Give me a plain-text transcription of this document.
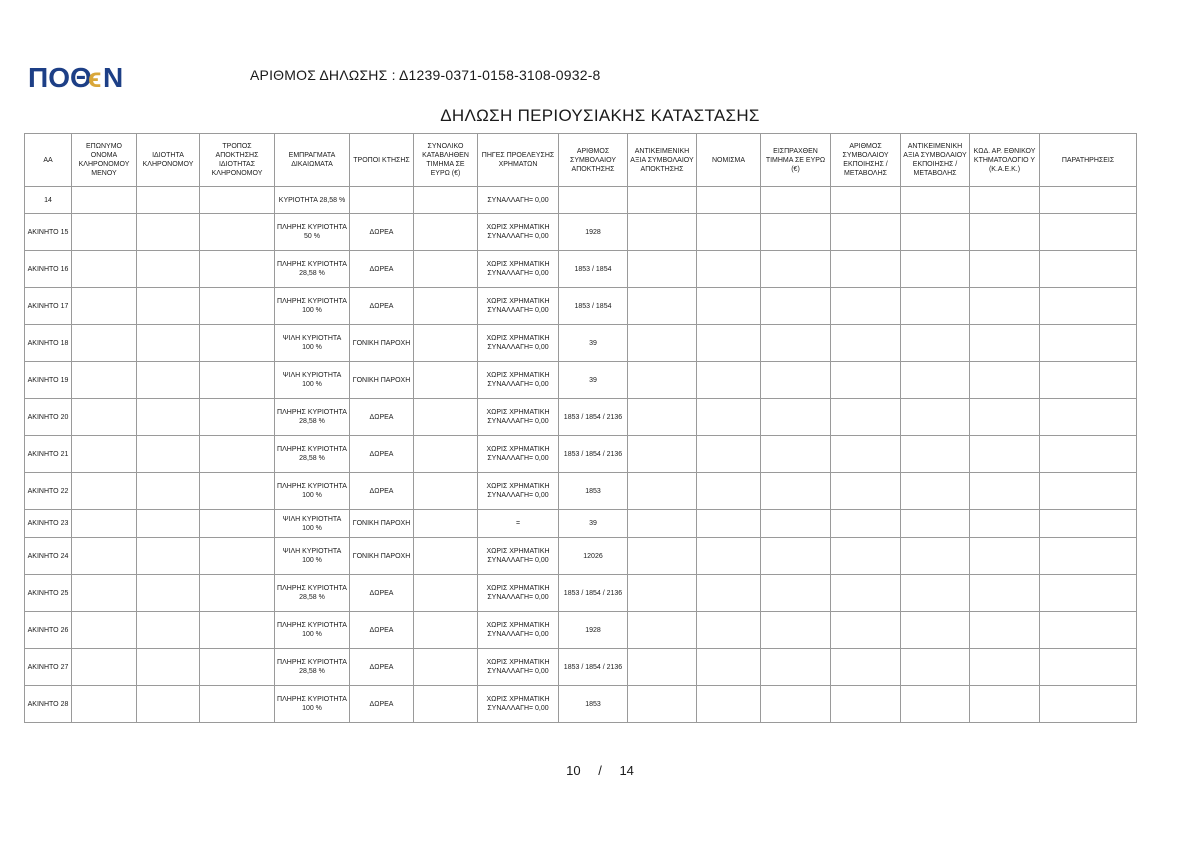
ΠΟΘ
ϵ N	ΑΡΙΘΜΟΣ ΔΗΛΩΣΗΣ : Δ1239-0371-0158-3108-0932-8
ΔΗΛΩΣΗ ΠΕΡΙΟΥΣΙΑΚΗΣ ΚΑΤΑΣΤΑΣΗΣ
ΑΑ	ΕΠΩΝΥΜΟ ΟΝΟΜΑ ΚΛΗΡΟΝΟΜΟΥ ΜΕΝΟΥ	ΙΔΙΟΤΗΤΑ ΚΛΗΡΟΝΟΜΟΥ	ΤΡΟΠΟΣ ΑΠΟΚΤΗΣΗΣ ΙΔΙΟΤΗΤΑΣ ΚΛΗΡΟΝΟΜΟΥ	ΕΜΠΡΑΓΜΑΤΑ ΔΙΚΑΙΩΜΑΤΑ	ΤΡΟΠΟΙ ΚΤΗΣΗΣ	ΣΥΝΟΛΙΚΟ ΚΑΤΑΒΛΗΘΕΝ ΤΙΜΗΜΑ ΣΕ ΕΥΡΩ (€)	ΠΗΓΕΣ ΠΡΟΕΛΕΥΣΗΣ ΧΡΗΜΑΤΩΝ	ΑΡΙΘΜΟΣ ΣΥΜΒΟΛΑΙΟΥ ΑΠΟΚΤΗΣΗΣ	ΑΝΤΙΚΕΙΜΕΝΙΚΗ ΑΞΙΑ ΣΥΜΒΟΛΑΙΟΥ ΑΠΟΚΤΗΣΗΣ	ΝΟΜΙΣΜΑ	ΕΙΣΠΡΑΧΘΕΝ ΤΙΜΗΜΑ ΣΕ ΕΥΡΩ (€)	ΑΡΙΘΜΟΣ ΣΥΜΒΟΛΑΙΟΥ ΕΚΠΟΙΗΣΗΣ /ΜΕΤΑΒΟΛΗΣ	ΑΝΤΙΚΕΙΜΕΝΙΚΗ ΑΞΙΑ ΣΥΜΒΟΛΑΙΟΥ ΕΚΠΟΙΗΣΗΣ / ΜΕΤΑΒΟΛΗΣ	ΚΩΔ. ΑΡ. ΕΘΝΙΚΟΥ ΚΤΗΜΑΤΟΛΟΓΙΟ Υ (Κ.Α.Ε.Κ.)	ΠΑΡΑΤΗΡΗΣΕΙΣ
14				ΚΥΡΙΟΤΗΤΑ 28,58 %			ΣΥΝΑΛΛΑΓΗ= 0,00								
ΑΚΙΝΗΤΟ 15				ΠΛΗΡΗΣ ΚΥΡΙΟΤΗΤΑ 50 %	ΔΩΡΕΑ		ΧΩΡΙΣ ΧΡΗΜΑΤΙΚΗ ΣΥΝΑΛΛΑΓΗ= 0,00	1928							
ΑΚΙΝΗΤΟ 16				ΠΛΗΡΗΣ ΚΥΡΙΟΤΗΤΑ 28,58 %	ΔΩΡΕΑ		ΧΩΡΙΣ ΧΡΗΜΑΤΙΚΗ ΣΥΝΑΛΛΑΓΗ= 0,00	1853 / 1854							
ΑΚΙΝΗΤΟ 17				ΠΛΗΡΗΣ ΚΥΡΙΟΤΗΤΑ 100 %	ΔΩΡΕΑ		ΧΩΡΙΣ ΧΡΗΜΑΤΙΚΗ ΣΥΝΑΛΛΑΓΗ= 0,00	1853 / 1854							
ΑΚΙΝΗΤΟ 18				ΨΙΛΗ ΚΥΡΙΟΤΗΤΑ 100 %	ΓΟΝΙΚΗ ΠΑΡΟΧΗ		ΧΩΡΙΣ ΧΡΗΜΑΤΙΚΗ ΣΥΝΑΛΛΑΓΗ= 0,00	39							
ΑΚΙΝΗΤΟ 19				ΨΙΛΗ ΚΥΡΙΟΤΗΤΑ 100 %	ΓΟΝΙΚΗ ΠΑΡΟΧΗ		ΧΩΡΙΣ ΧΡΗΜΑΤΙΚΗ ΣΥΝΑΛΛΑΓΗ= 0,00	39							
ΑΚΙΝΗΤΟ 20				ΠΛΗΡΗΣ ΚΥΡΙΟΤΗΤΑ 28,58 %	ΔΩΡΕΑ		ΧΩΡΙΣ ΧΡΗΜΑΤΙΚΗ ΣΥΝΑΛΛΑΓΗ= 0,00	1853 / 1854 / 2136							
ΑΚΙΝΗΤΟ 21				ΠΛΗΡΗΣ ΚΥΡΙΟΤΗΤΑ 28,58 %	ΔΩΡΕΑ		ΧΩΡΙΣ ΧΡΗΜΑΤΙΚΗ ΣΥΝΑΛΛΑΓΗ= 0,00	1853 / 1854 / 2136							
ΑΚΙΝΗΤΟ 22				ΠΛΗΡΗΣ ΚΥΡΙΟΤΗΤΑ 100 %	ΔΩΡΕΑ		ΧΩΡΙΣ ΧΡΗΜΑΤΙΚΗ ΣΥΝΑΛΛΑΓΗ= 0,00	1853							
ΑΚΙΝΗΤΟ 23				ΨΙΛΗ ΚΥΡΙΟΤΗΤΑ 100 %	ΓΟΝΙΚΗ ΠΑΡΟΧΗ		=	39							
ΑΚΙΝΗΤΟ 24				ΨΙΛΗ ΚΥΡΙΟΤΗΤΑ 100 %	ΓΟΝΙΚΗ ΠΑΡΟΧΗ		ΧΩΡΙΣ ΧΡΗΜΑΤΙΚΗ ΣΥΝΑΛΛΑΓΗ= 0,00	12026							
ΑΚΙΝΗΤΟ 25				ΠΛΗΡΗΣ ΚΥΡΙΟΤΗΤΑ 28,58 %	ΔΩΡΕΑ		ΧΩΡΙΣ ΧΡΗΜΑΤΙΚΗ ΣΥΝΑΛΛΑΓΗ= 0,00	1853 / 1854 / 2136							
ΑΚΙΝΗΤΟ 26				ΠΛΗΡΗΣ ΚΥΡΙΟΤΗΤΑ 100 %	ΔΩΡΕΑ		ΧΩΡΙΣ ΧΡΗΜΑΤΙΚΗ ΣΥΝΑΛΛΑΓΗ= 0,00	1928							
ΑΚΙΝΗΤΟ 27				ΠΛΗΡΗΣ ΚΥΡΙΟΤΗΤΑ 28,58 %	ΔΩΡΕΑ		ΧΩΡΙΣ ΧΡΗΜΑΤΙΚΗ ΣΥΝΑΛΛΑΓΗ= 0,00	1853 / 1854 / 2136							
ΑΚΙΝΗΤΟ 28				ΠΛΗΡΗΣ ΚΥΡΙΟΤΗΤΑ 100 %	ΔΩΡΕΑ		ΧΩΡΙΣ ΧΡΗΜΑΤΙΚΗ ΣΥΝΑΛΛΑΓΗ= 0,00	1853							
10 / 14
